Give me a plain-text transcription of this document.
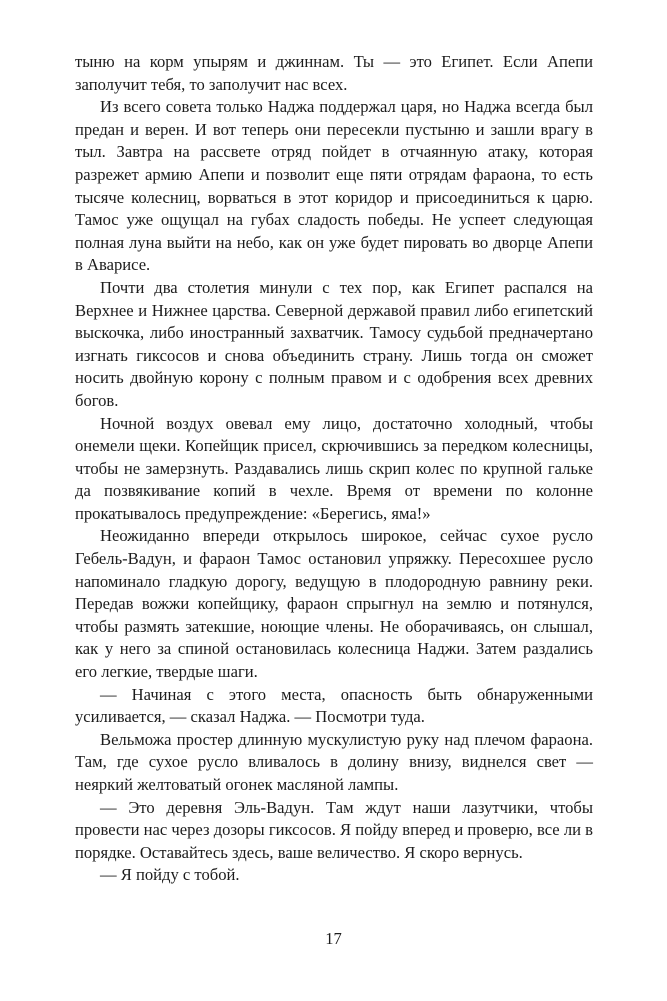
тыню на корм упырям и джиннам. Ты — это Египет. Если Апепи заполучит тебя, то заполучит нас всех.

Из всего совета только Наджа поддержал царя, но Наджа всегда был предан и верен. И вот теперь они пересекли пустыню и зашли врагу в тыл. Завтра на рассвете отряд пойдет в отчаянную атаку, которая разрежет армию Апепи и позволит еще пяти отрядам фараона, то есть тысяче колесниц, ворваться в этот коридор и присоединиться к царю. Тамос уже ощущал на губах сладость победы. Не успеет следующая полная луна выйти на небо, как он уже будет пировать во дворце Апепи в Аварисе.

Почти два столетия минули с тех пор, как Египет распался на Верхнее и Нижнее царства. Северной державой правил либо египетский выскочка, либо иностранный захватчик. Тамосу судьбой предначертано изгнать гиксосов и снова объединить страну. Лишь тогда он сможет носить двойную корону с полным правом и с одобрения всех древних богов.

Ночной воздух овевал ему лицо, достаточно холодный, чтобы онемели щеки. Копейщик присел, скрючившись за передком колесницы, чтобы не замерзнуть. Раздавались лишь скрип колес по крупной гальке да позвякивание копий в чехле. Время от времени по колонне прокатывалось предупреждение: «Берегись, яма!»

Неожиданно впереди открылось широкое, сейчас сухое русло Гебель-Вадун, и фараон Тамос остановил упряжку. Пересохшее русло напоминало гладкую дорогу, ведущую в плодородную равнину реки. Передав вожжи копейщику, фараон спрыгнул на землю и потянулся, чтобы размять затекшие, ноющие члены. Не оборачиваясь, он слышал, как у него за спиной остановилась колесница Наджи. Затем раздались его легкие, твердые шаги.

— Начиная с этого места, опасность быть обнаруженными усиливается, — сказал Наджа. — Посмотри туда.

Вельможа простер длинную мускулистую руку над плечом фараона. Там, где сухое русло вливалось в долину внизу, виднелся свет — неяркий желтоватый огонек масляной лампы.

— Это деревня Эль-Вадун. Там ждут наши лазутчики, чтобы провести нас через дозоры гиксосов. Я пойду вперед и проверю, все ли в порядке. Оставайтесь здесь, ваше величество. Я скоро вернусь.

— Я пойду с тобой.

17
